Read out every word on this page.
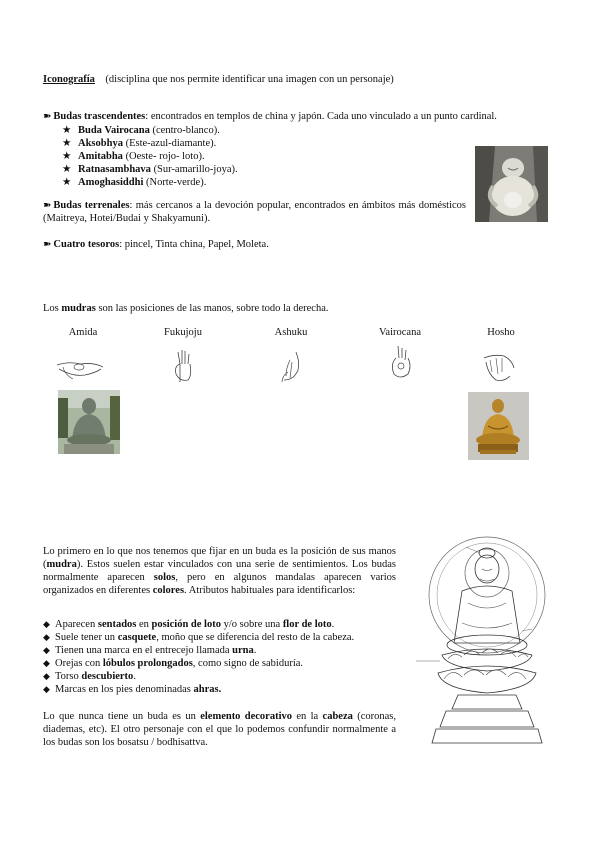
Iconografía (disciplina que nos permite identificar una imagen con un personaje)
➽ Budas trascendentes: encontrados en templos de china y japón. Cada uno vinculado a un punto cardinal.
★ Buda Vairocana (centro-blanco).
★ Aksobhya (Este-azul-diamante).
★ Amitabha (Oeste- rojo- loto).
★ Ratnasambhava (Sur-amarillo-joya).
★ Amoghasiddhi (Norte-verde).
➽ Budas terrenales: más cercanos a la devoción popular, encontrados en ámbitos más domésticos (Maitreya, Hotei/Budai y Shakyamuni).
➽ Cuatro tesoros: pincel, Tinta china, Papel, Moleta.
Los mudras son las posiciones de las manos, sobre todo la derecha.
Amida	Fukujoju	Ashuku	Vairocana	Hosho
Lo primero en lo que nos tenemos que fijar en un buda es la posición de sus manos (mudra). Estos suelen estar vinculados con una serie de sentimientos. Los budas normalmente aparecen solos, pero en algunos mandalas aparecen varios organizados en diferentes colores. Atributos habituales para identificarlos:
◆ Aparecen sentados en posición de loto y/o sobre una flor de loto.
◆ Suele tener un casquete, moño que se diferencia del resto de la cabeza.
◆ Tienen una marca en el entrecejo llamada urna.
◆ Orejas con lóbulos prolongados, como signo de sabiduría.
◆ Torso descubierto.
◆ Marcas en los pies denominadas ahras.
Lo que nunca tiene un buda es un elemento decorativo en la cabeza (coronas, diademas, etc). El otro personaje con el que lo podemos confundir normalmente a los budas son los bosatsu / bodhisattva.
